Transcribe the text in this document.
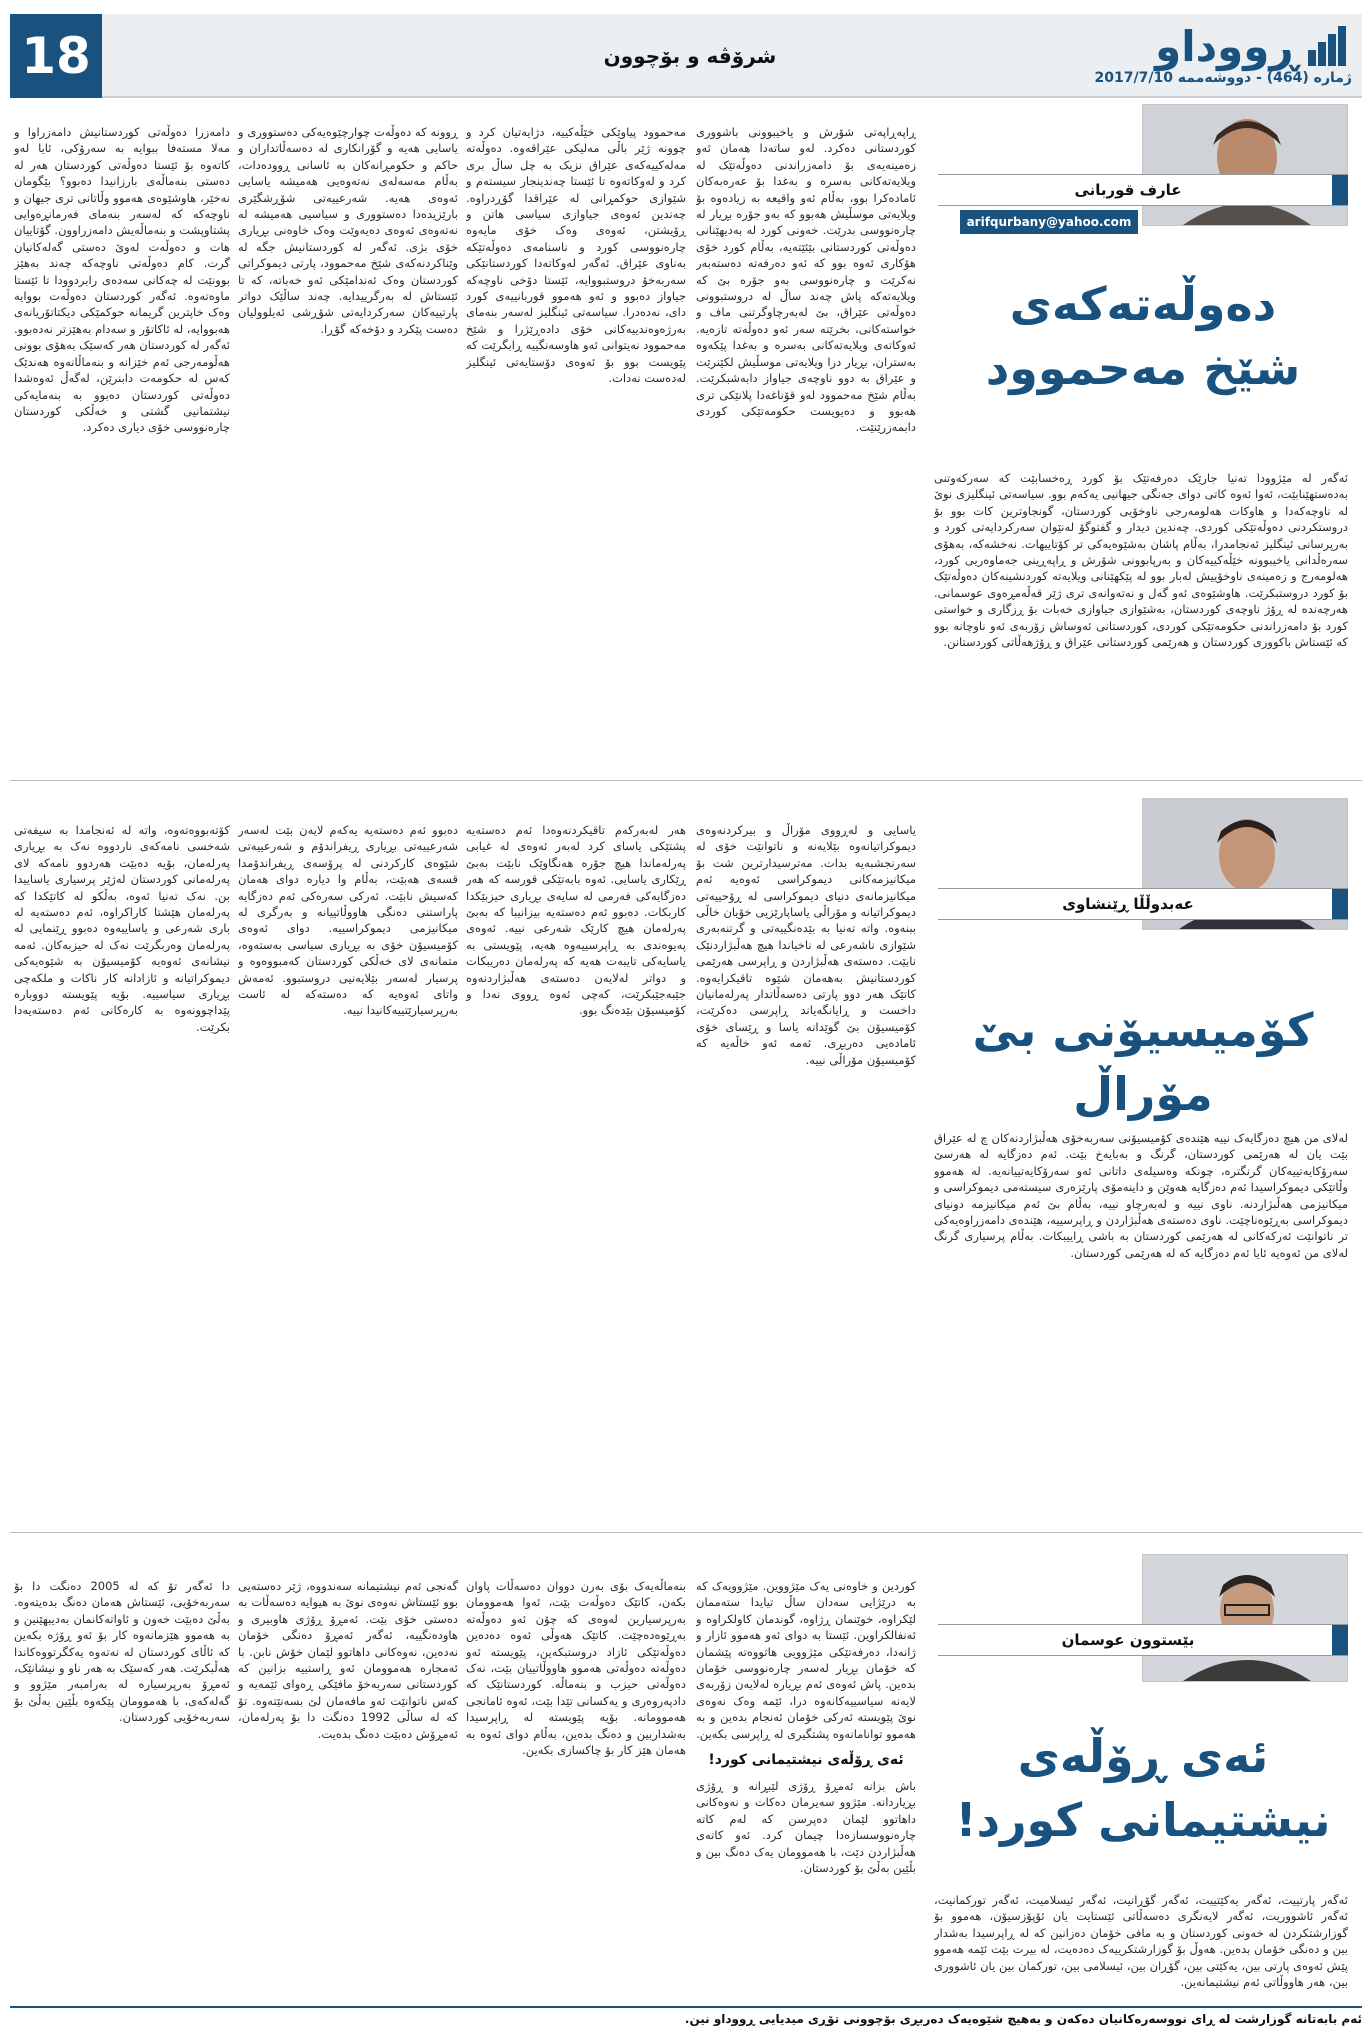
18	شرۆڤە و بۆچوون	ڕووداو
ژمارە (464) - دووشەممە 2017/7/10
عارف قوربانی
arifqurbany@yahoo.com
دەوڵەتەکەی
شێخ مەحموود
ئەگەر لە مێژوودا تەنیا جارێک دەرفەتێک بۆ کورد ڕەخسابێت کە سەرکەوتنی بەدەستهێنابێت، ئەوا ئەوە کاتی دوای جەنگی جیهانیی یەکەم بوو. سیاسەتی ئینگلیزی نوێ لە ناوچەکەدا و هاوکات هەلومەرجی ناوخۆیی کوردستان، گونجاوترین کات بوو بۆ دروستکردنی دەوڵەتێکی کوردی. چەندین دیدار و گفتوگۆ لەنێوان سەرکردایەتی کورد و بەرپرسانی ئینگلیز ئەنجامدرا، بەڵام پاشان بەشێوەیەکی تر کۆتاییهات. نەخشەکە، بەهۆی سەرەڵدانی یاخیبوونە خێڵەکییەکان و بەرپابوونی شۆرش و ڕاپەڕینی جەماوەریی کورد، هەلومەرج و زەمینەی ناوخۆییش لەبار بوو لە پێکهێنانی ویلایەتە کوردنشینەکان دەوڵەتێک بۆ کورد دروستبکرێت. هاوشێوەی ئەو گەل و نەتەوانەی تری ژێر قەڵەمڕەوی عوسمانی. هەرچەندە لە ڕۆژ ناوچەی کوردستان، بەشێوازی جیاوازی خەبات بۆ ڕزگاری و خواستی کورد بۆ دامەزراندنی حکومەتێکی کوردی، کوردستانی ئەوساش زۆربەی ئەو ناوچانە بوو کە ئێستاش باکووری کوردستان و هەرێمی کوردستانی عێراق و ڕۆژهەڵاتی کوردستانن.
ڕاپەڕاپەتی شۆرش و یاخیبوونی باشووری کوردستانی دەکرد. لەو ساتەدا هەمان ئەو زەمینەیەی بۆ دامەزراندنی دەوڵەتێک لە ویلایەتەکانی بەسرە و بەغدا بۆ عەرەبەکان ئامادەکرا بوو، بەڵام ئەو واقیعە بە زیادەوە بۆ ویلایەتی موسڵیش هەبوو کە بەو جۆرە بڕیار لە چارەنووسی بدرێت. خەونی کورد لە بەدیهێنانی دەوڵەتی کوردستانی بێئێتەیە، بەڵام کورد خۆی هۆکاری ئەوە بوو کە ئەو دەرفەتە دەستەبەر نەکرێت و چارەنووسی بەو جۆرە بێ کە ویلایەتەکە پاش چەند ساڵ لە دروستبوونی دەوڵەتی عێراق، بێ لەبەرچاوگرتنی ماف و خواستەکانی، بخرێتە سەر ئەو دەوڵەتە تازەیە. ئەوکاتەی ویلایەتەکانی بەسرە و بەغدا پێکەوە بەستران، بڕیار درا ویلایەتی موسڵیش لکێنرێت و عێراق بە دوو ناوچەی جیاواز دابەشبکرێت. بەڵام شێخ مەحموود لەو قۆناغەدا پلانێکی تری هەبوو و دەیویست حکومەتێکی کوردی دابمەزرێنێت.
مەحموود پیاوێکی خێڵەکییە، دژایەتیان کرد و چوونە ژێر باڵی مەلیکی عێراقەوە. دەوڵەتە مەلەکییەکەی عێراق نزیک بە چل ساڵ بری کرد و لەوکاتەوە تا ئێستا چەندینجار سیستەم و شێوازی حوکمڕانی لە عێراقدا گۆڕدراوە. چەندین ئەوەی جیاوازی سیاسی هاتن و ڕۆیشتن، ئەوەی وەک خۆی مایەوە چارەنووسی کورد و ناسنامەی دەوڵەتێکە بەناوی عێراق. ئەگەر لەوکاتەدا کوردستانێکی سەربەخۆ دروستبووایە، ئێستا دۆخی ناوچەکە جیاواز دەبوو و ئەو هەموو قوربانییەی کورد دای، نەدەدرا. سیاسەتی ئینگلیز لەسەر بنەمای بەرژەوەندییەکانی خۆی دادەڕێژرا و شێخ مەحموود نەیتوانی ئەو هاوسەنگییە ڕابگرێت کە پێویست بوو بۆ ئەوەی دۆستایەتی ئینگلیز لەدەست نەدات.
ڕوونە کە دەوڵەت چوارچێوەیەکی دەستووری و یاسایی هەیە و گۆرانکاری لە دەسەڵاتداران و حاکم و حکومڕانەکان بە ئاسانی ڕوودەدات، بەڵام مەسەلەی نەتەوەیی هەمیشە یاسایی ئەوەی هەیە. شەرعییەتی شۆڕشگێری بارێزیدەدا دەستووری و سیاسیی هەمیشە لە نەتەوەی ئەوەی دەیەوێت وەک خاوەنی بڕیاری خۆی بژی. ئەگەر لە کوردستانیش جگە لە وێناکردنەکەی شێخ مەحموود، پارتی دیموکراتی کوردستان وەک ئەندامێکی ئەو خەباتە، کە تا ئێستاش لە بەرگرییدایە. چەند ساڵێک دواتر پارتییەکان سەرکردایەتی شۆڕشی ئەیلوولیان دەست پێکرد و دۆخەکە گۆڕا.
دامەزرا دەوڵەتی کوردستانیش دامەزراوا و مەلا مستەفا ببوایە بە سەرۆکی، ئایا لەو کاتەوە بۆ ئێستا دەوڵەتی کوردستان هەر لە دەستی بنەماڵەی بارزانیدا دەبوو؟ بێگومان نەخێر، هاوشێوەی هەموو وڵاتانی تری جیهان و ناوچەکە کە لەسەر بنەمای فەرمانڕەوایی پشتاوپشت و بنەماڵەیش دامەزراوون. گۆتاییان هات و دەوڵەت لەوێ دەستی گەلەکانیان گرت. کام دەوڵەتی ناوچەکە چەند بەهێز بوونێت لە چەکانی سەدەی رابردوودا تا ئێستا ماوەتەوە. ئەگەر کوردستان دەوڵەت بووایە وەک خاپترین گریمانە حوکمێکی دیکتاتۆریانەی هەبووایە، لە ئاکاتۆر و سەدام بەهێزتر نەدەبوو. ئەگەر لە کوردستان هەر کەسێک بەهۆی بوونی هەڵومەرجی ئەم خێزانە و بنەماڵانەوە هەندێک کەس لە حکومەت دابنرێن، لەگەڵ ئەوەشدا دەوڵەتی کوردستان دەبوو بە بنەمایەکی نیشتمانیی گشتی و خەڵکی کوردستان چارەنووسی خۆی دیاری دەکرد.
عەبدوڵڵا ڕێنشاوی
کۆمیسیۆنی بێ مۆراڵ
لەلای من هیچ دەزگایەک نییە هێندەی کۆمیسیۆنی سەربەخۆی هەڵبژاردنەکان چ لە عێراق بێت یان لە هەرێمی کوردستان، گرنگ و بەبایەخ بێت. ئەم دەزگایە لە هەرسێ سەرۆکایەتییەکان گرنگترە، چونکە وەسیلەی داتانی ئەو سەرۆکایەتییانەیە. لە هەموو وڵاتێکی دیموکراسیدا ئەم دەزگایە هەوێن و داینەمۆی پارێزەری سیستەمی دیموکراسی و میکانیزمی هەڵبژاردنە. ناوی نییە و لەبەرچاو نییە، بەڵام بێ ئەم میکانیزمە دونیای دیموکراسی بەڕێوەناچێت. ناوی دەستەی هەڵبژاردن و ڕاپرسییە، هێندەی دامەزراوەیەکی تر ناتوانێت ئەرکەکانی لە هەرێمی کوردستان بە باشی ڕاییبکات. بەڵام پرسیاری گرنگ لەلای من ئەوەیە ئایا ئەم دەزگایە کە لە هەرێمی کوردستان.
یاسایی و لەڕووی مۆراڵ و بیرکردنەوەی دیموکراتیانەوە بێلایەنە و ناتوانێت خۆی لە سەرنجشبەیە بدات. مەترسیدارترین شت بۆ میکانیزمەکانی دیموکراسی ئەوەیە ئەم میکانیزمانەی دنیای دیموکراسی لە ڕۆحییەتی دیموکراتیانە و مۆراڵی یاساپارێزیی خۆیان خاڵی ببنەوە. واتە تەنیا بە بێدەنگییەتی و گرتنەبەری شێوازی ناشەرعی لە ناخیاندا هیچ هەڵبژاردنێک نابێت. دەستەی هەڵبژاردن و ڕاپرسی هەرێمی کوردستانیش بەهەمان شێوە تاقیکرایەوە. کاتێک هەر دوو پارتی دەسەڵاتدار پەرلەمانیان داخست و ڕایانگەیاند ڕاپرسی دەکرێت، کۆمیسیۆن بێ گوێدانە یاسا و ڕێسای خۆی ئامادەیی دەربڕی. ئەمە ئەو خاڵەیە کە کۆمیسیۆن مۆراڵی نییە.
هەر لەبەرکەم تاقیکردنەوەدا ئەم دەستەیە پشتێکی یاسای کرد لەبەر ئەوەی لە غیابی پەرلەماندا هیچ جۆرە هەنگاوێک نابێت بەبێ ڕێکاری یاسایی. ئەوە بابەتێکی قورسە کە هەر دەزگایەکی فەرمی لە سایەی بڕیاری حیزبێکدا کاربکات. دەبوو ئەم دەستەیە بیزانیبا کە بەبێ پەرلەمان هیچ کارێک شەرعی نییە. ئەوەی پەیوەندی بە ڕاپرسییەوە هەیە، پێویستی بە یاسایەکی تایبەت هەیە کە پەرلەمان دەریبکات و دواتر لەلایەن دەستەی هەڵبژاردنەوە جێبەجێبکرێت، کەچی ئەوە ڕووی نەدا و کۆمیسیۆن بێدەنگ بوو.
دەبوو ئەم دەستەیە یەکەم لایەن بێت لەسەر شەرعییەتی بڕیاری ڕیفراندۆم و شەرعییەتی شێوەی کارکردنی لە پرۆسەی ڕیفراندۆمدا قسەی هەبێت، بەڵام وا دیارە دوای هەمان کەسیش نابێت. ئەرکی سەرەکی ئەم دەزگایە پاراستنی دەنگی هاووڵاتییانە و بەرگری لە میکانیزمی دیموکراسییە. دوای ئەوەی کۆمیسیۆن خۆی بە بڕیاری سیاسی بەستەوە، متمانەی لای خەڵکی کوردستان کەمبووەوە و پرسیار لەسەر بێلایەنیی دروستبوو. ئەمەش واتای ئەوەیە کە دەستەکە لە ئاست بەرپرسیارێتییەکانیدا نییە.
کۆتەبووەتەوە، واتە لە ئەنجامدا بە سیفەتی شەخسی نامەکەی ناردووە نەک بە بڕیاری پەرلەمان، بۆیە دەبێت هەردوو نامەکە لای پەرلەمانی کوردستان لەژێر پرسیاری یاساییدا بن. نەک تەنیا ئەوە، بەڵکو لە کاتێکدا کە پەرلەمان هێشتا کاراکراوە، ئەم دەستەیە لە باری شەرعی و یاساییەوە دەبوو ڕێنمایی لە پەرلەمان وەربگرێت نەک لە حیزبەکان. ئەمە نیشانەی ئەوەیە کۆمیسیۆن بە شێوەیەکی دیموکراتیانە و ئازادانە کار ناکات و ملکەچی بڕیاری سیاسییە. بۆیە پێویستە دووبارە پێداچوونەوە بە کارەکانی ئەم دەستەیەدا بکرێت.
بێستوون عوسمان
ئەی ڕۆڵەی
نیشتیمانی کورد!
ئەگەر پارتییت، ئەگەر یەکێتییت، ئەگەر گۆڕانیت، ئەگەر ئیسلامیت، ئەگەر تورکمانیت، ئەگەر ئاشووریت، ئەگەر لایەنگری دەسەڵاتی ئێستایت یان ئۆپۆزسیۆن، هەموو بۆ گوزارشتکردن لە خەونی کوردستان و بە مافی خۆمان دەزانین کە لە ڕاپرسیدا بەشدار بین و دەنگی خۆمان بدەین. هەوڵ بۆ گوزارشتکرییەک دەدەیت، لە بیرت بێت ئێمە هەموو پێش ئەوەی پارتی بین، یەکێتی بین، گۆڕان بین، ئیسلامی بین، تورکمان بین یان ئاشووری بین، هەر هاووڵاتی ئەم نیشتیمانەین.
کوردین و خاوەنی یەک مێژووین. مێژوویەک کە بە درێژایی سەدان ساڵ تیایدا ستەممان لێکراوە، خوێنمان ڕژاوە، گوندمان کاولکراوە و ئەنفالکراوین. ئێستا بە دوای ئەو هەموو ئازار و ژانەدا، دەرفەتێکی مێژوویی هاتووەتە پێشمان کە خۆمان بڕیار لەسەر چارەنووسی خۆمان بدەین. پاش ئەوەی ئەم بڕیارە لەلایەن زۆربەی لایەنە سیاسییەکانەوە درا، ئێمە وەک نەوەی نوێ پێویستە ئەرکی خۆمان ئەنجام بدەین و بە هەموو توانامانەوە پشتگیری لە ڕاپرسی بکەین.
ئەی ڕۆڵەی نیشتیمانی کورد!
باش بزانە ئەمڕۆ ڕۆژی لێبڕانە و ڕۆژی بڕیاردانە. مێژوو سەیرمان دەکات و نەوەکانی داهاتوو لێمان دەپرسن کە لەم کاتە چارەنووسسازەدا چیمان کرد. ئەو کاتەی هەڵبژاردن دێت، با هەموومان یەک دەنگ بین و بڵێین بەڵێ بۆ کوردستان.
بنەماڵەیەک بۆی بەرن دووان دەسەڵات پاوان بکەن، کاتێک دەوڵەت بێت، ئەوا هەموومان بەرپرسیارین لەوەی کە چۆن ئەو دەوڵەتە بەڕێوەدەچێت. کاتێک هەوڵی ئەوە دەدەین دەوڵەتێکی ئازاد دروستبکەین، پێویستە ئەو دەوڵەتە دەوڵەتی هەموو هاووڵاتییان بێت، نەک دەوڵەتی حیزب و بنەماڵە. کوردستانێک کە دادپەروەری و یەکسانی تێدا بێت، ئەوە ئامانجی هەموومانە. بۆیە پێویستە لە ڕاپرسیدا بەشداربین و دەنگ بدەین، بەڵام دوای ئەوە بە هەمان هێز کار بۆ چاکسازی بکەین.
گەنجی ئەم نیشتیمانە سەندووە، ژێر دەستەیی بوو ئێستاش نەوەی نوێ بە هیوایە دەسەڵات بە دەستی خۆی بێت. ئەمڕۆ ڕۆژی هاوبیری و هاودەنگییە، ئەگەر ئەمڕۆ دەنگی خۆمان نەدەین، نەوەکانی داهاتوو لێمان خۆش نابن. با ئەمجارە هەموومان ئەو ڕاستییە بزانین کە کوردستانی سەربەخۆ مافێکی ڕەوای ئێمەیە و کەس ناتوانێت ئەو مافەمان لێ بسەنێتەوە. تۆ کە لە ساڵی 1992 دەنگت دا بۆ پەرلەمان، ئەمڕۆش دەبێت دەنگ بدەیت.
دا ئەگەر تۆ کە لە 2005 دەنگت دا بۆ سەربەخۆیی، ئێستاش هەمان دەنگ بدەیتەوە. بەڵێ دەبێت خەون و ئاواتەکانمان بەدیبهێنین و بە هەموو هێزمانەوە کار بۆ ئەو ڕۆژە بکەین کە ئاڵای کوردستان لە نەتەوە یەکگرتووەکاندا هەڵبکرێت. هەر کەسێک بە هەر ناو و نیشانێک، ئەمڕۆ بەرپرسیارە لە بەرامبەر مێژوو و گەلەکەی، با هەموومان پێکەوە بڵێین بەڵێ بۆ سەربەخۆیی کوردستان.
ئەم بابەتانە گوزارشت لە ڕای نووسەرەکانیان دەکەن و بەهیچ شێوەیەک دەربڕی بۆچوونی تۆڕی میدیایی ڕووداو نین.
